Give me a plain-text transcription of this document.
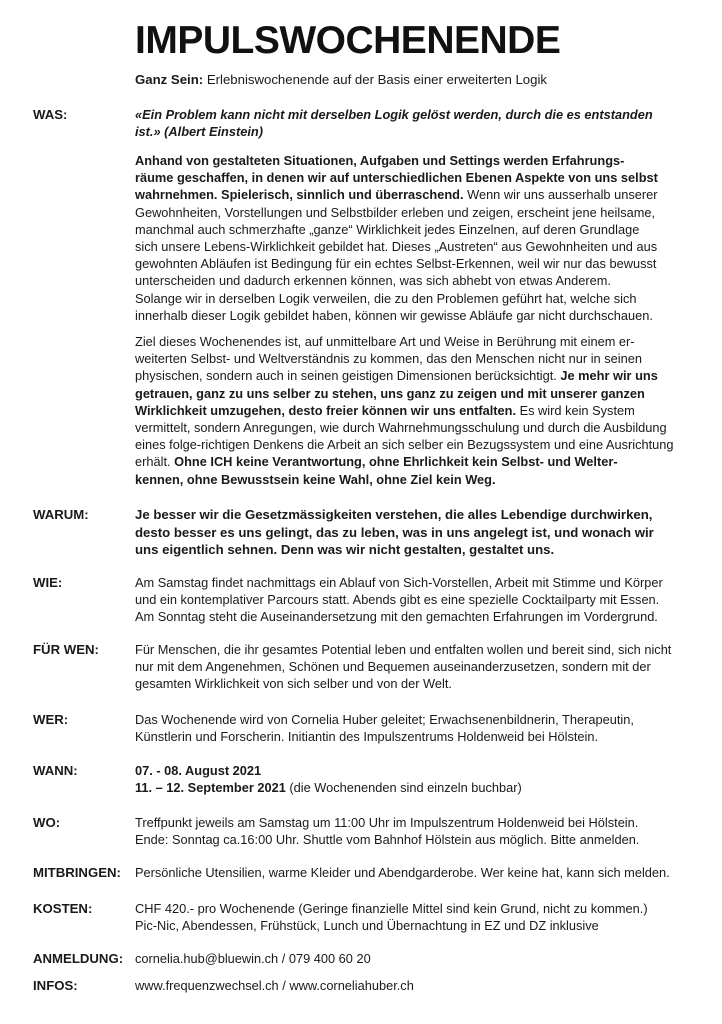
IMPULSWOCHENENDE
Ganz Sein: Erlebniswochenende auf der Basis einer erweiterten Logik
WAS:	«Ein Problem kann nicht mit derselben Logik gelöst werden, durch die es entstanden
ist.» (Albert Einstein)
Anhand von gestalteten Situationen, Aufgaben und Settings werden Erfahrungs-
räume geschaffen, in denen wir auf unterschiedlichen Ebenen Aspekte von uns selbst
wahrnehmen. Spielerisch, sinnlich und überraschend. Wenn wir uns ausserhalb unserer
Gewohnheiten, Vorstellungen und Selbstbilder erleben und zeigen, erscheint jene heilsame,
manchmal auch schmerzhafte „ganze“ Wirklichkeit jedes Einzelnen, auf deren Grundlage
sich unsere Lebens-Wirklichkeit gebildet hat. Dieses „Austreten“ aus Gewohnheiten und aus
gewohnten Abläufen ist Bedingung für ein echtes Selbst-Erkennen, weil wir nur das bewusst
unterscheiden und dadurch erkennen können, was sich abhebt von etwas Anderem.
Solange wir in derselben Logik verweilen, die zu den Problemen geführt hat, welche sich
innerhalb dieser Logik gebildet haben, können wir gewisse Abläufe gar nicht durchschauen.
Ziel dieses Wochenendes ist, auf unmittelbare Art und Weise in Berührung mit einem er-
weiterten Selbst- und Weltverständnis zu kommen, das den Menschen nicht nur in seinen
physischen, sondern auch in seinen geistigen Dimensionen berücksichtigt. Je mehr wir uns
getrauen, ganz zu uns selber zu stehen, uns ganz zu zeigen und mit unserer ganzen
Wirklichkeit umzugehen, desto freier können wir uns entfalten. Es wird kein System
vermittelt, sondern Anregungen, wie durch Wahrnehmungsschulung und durch die Ausbildung
eines folge-richtigen Denkens die Arbeit an sich selber ein Bezugssystem und eine Ausrichtung
erhält. Ohne ICH keine Verantwortung, ohne Ehrlichkeit kein Selbst- und Welter-
kennen, ohne Bewusstsein keine Wahl, ohne Ziel kein Weg.
WARUM:	Je besser wir die Gesetzmässigkeiten verstehen, die alles Lebendige durchwirken,
desto besser es uns gelingt, das zu leben, was in uns angelegt ist, und wonach wir
uns eigentlich sehnen. Denn was wir nicht gestalten, gestaltet uns.
WIE:	Am Samstag findet nachmittags ein Ablauf von Sich-Vorstellen, Arbeit mit Stimme und Körper
und ein kontemplativer Parcours statt. Abends gibt es eine spezielle Cocktailparty mit Essen.
Am Sonntag steht die Auseinandersetzung mit den gemachten Erfahrungen im Vordergrund.
FÜR WEN:	Für Menschen, die ihr gesamtes Potential leben und entfalten wollen und bereit sind, sich nicht
nur mit dem Angenehmen, Schönen und Bequemen auseinanderzusetzen, sondern mit der
gesamten Wirklichkeit von sich selber und von der Welt.
WER:	Das Wochenende wird von Cornelia Huber geleitet; Erwachsenenbildnerin, Therapeutin,
Künstlerin und Forscherin. Initiantin des Impulszentrums Holdenweid bei Hölstein.
WANN:	07. - 08. August 2021
11. – 12. September 2021 (die Wochenenden sind einzeln buchbar)
WO:	Treffpunkt jeweils am Samstag um 11:00 Uhr im Impulszentrum Holdenweid bei Hölstein.
Ende: Sonntag ca.16:00 Uhr. Shuttle vom Bahnhof Hölstein aus möglich. Bitte anmelden.
MITBRINGEN: Persönliche Utensilien, warme Kleider und Abendgarderobe. Wer keine hat, kann sich melden.
KOSTEN:	CHF 420.- pro Wochenende (Geringe finanzielle Mittel sind kein Grund, nicht zu kommen.)
Pic-Nic, Abendessen, Frühstück, Lunch und Übernachtung in EZ und DZ inklusive
ANMELDUNG: cornelia.hub@bluewin.ch / 079 400 60 20
INFOS:	www.frequenzwechsel.ch / www.corneliahuber.ch
